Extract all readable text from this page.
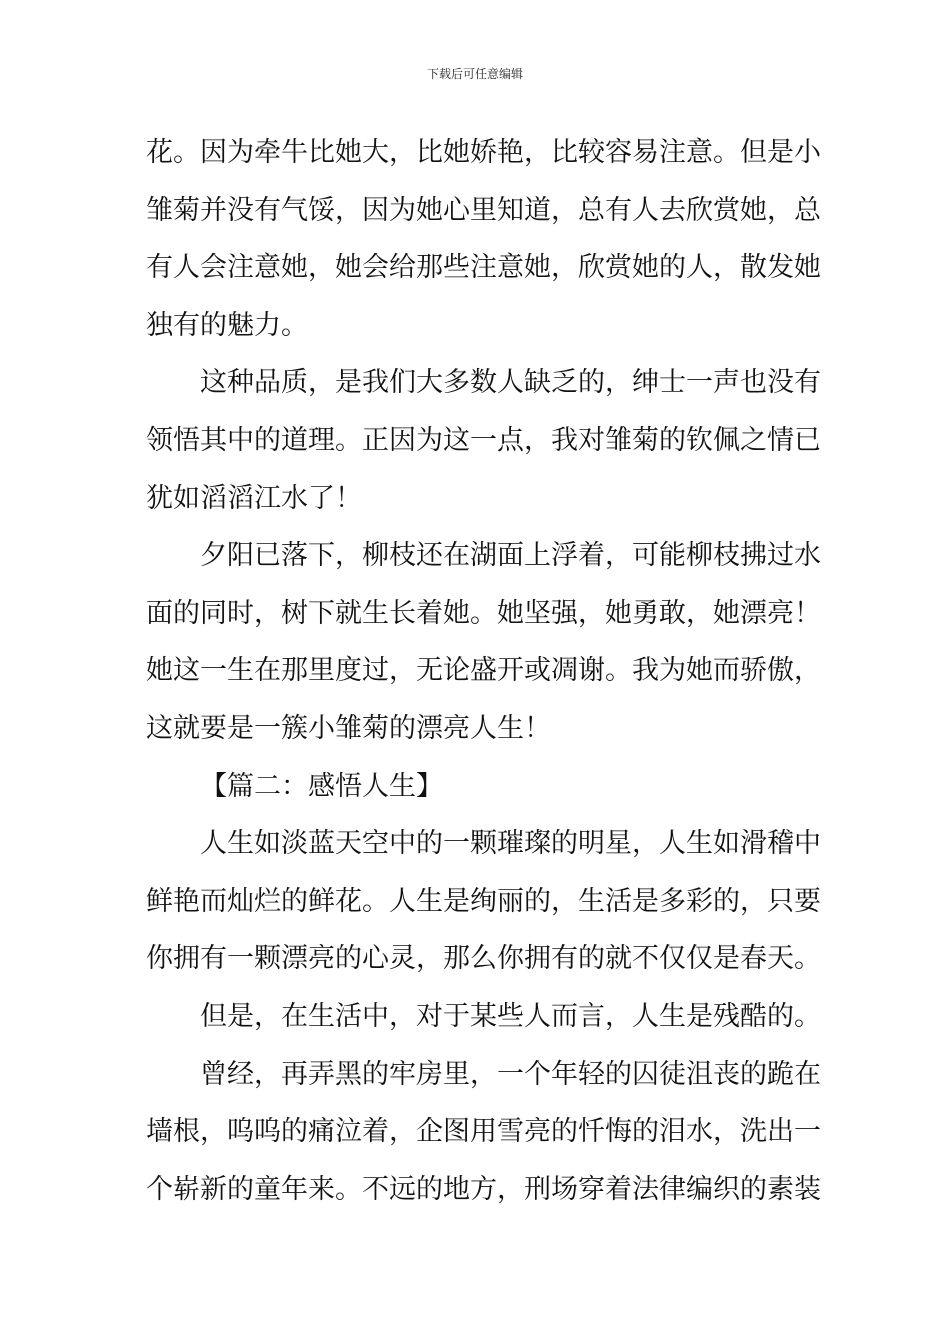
下载后可任意编辑
花。因为牵牛比她大，比她娇艳，比较容易注意。但是小
雏菊并没有气馁，因为她心里知道，总有人去欣赏她，总
有人会注意她，她会给那些注意她，欣赏她的人，散发她
独有的魅力。
这种品质，是我们大多数人缺乏的，绅士一声也没有
领悟其中的道理。正因为这一点，我对雏菊的钦佩之情已
犹如滔滔江水了！
夕阳已落下，柳枝还在湖面上浮着，可能柳枝拂过水
面的同时，树下就生长着她。她坚强，她勇敢，她漂亮！
她这一生在那里度过，无论盛开或凋谢。我为她而骄傲，
这就要是一簇小雏菊的漂亮人生！
【篇二：感悟人生】
人生如淡蓝天空中的一颗璀璨的明星，人生如滑稽中
鲜艳而灿烂的鲜花。人生是绚丽的，生活是多彩的，只要
你拥有一颗漂亮的心灵，那么你拥有的就不仅仅是春天。
但是，在生活中，对于某些人而言，人生是残酷的。
曾经，再弄黑的牢房里，一个年轻的囚徒沮丧的跪在
墙根，呜呜的痛泣着，企图用雪亮的忏悔的泪水，洗出一
个崭新的童年来。不远的地方，刑场穿着法律编织的素装
